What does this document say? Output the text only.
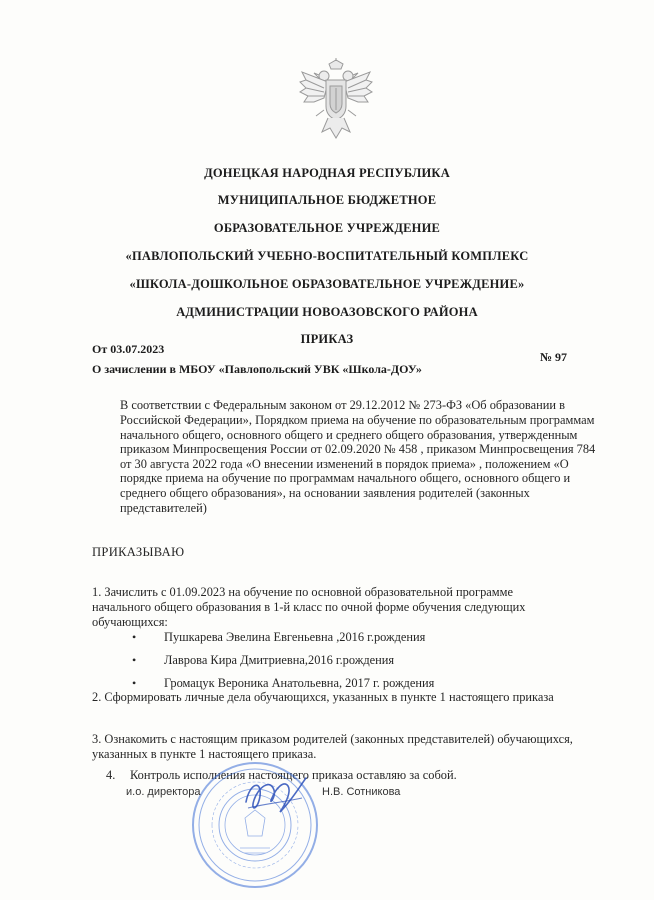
ДОНЕЦКАЯ НАРОДНАЯ РЕСПУБЛИКА

МУНИЦИПАЛЬНОЕ БЮДЖЕТНОЕ

ОБРАЗОВАТЕЛЬНОЕ УЧРЕЖДЕНИЕ

«ПАВЛОПОЛЬСКИЙ УЧЕБНО-ВОСПИТАТЕЛЬНЫЙ КОМПЛЕКС

«ШКОЛА-ДОШКОЛЬНОЕ ОБРАЗОВАТЕЛЬНОЕ УЧРЕЖДЕНИЕ»

АДМИНИСТРАЦИИ НОВОАЗОВСКОГО РАЙОНА

ПРИКАЗ

От 03.07.2023

№ 97

О зачислении в МБОУ «Павлопольский УВК «Школа-ДОУ»

В соответствии с Федеральным законом от 29.12.2012 № 273-ФЗ «Об образовании в Российской Федерации», Порядком приема на обучение по образовательным программам начального общего, основного общего и среднего общего образования, утвержденным приказом Минпросвещения России от 02.09.2020 № 458 , приказом Минпросвещения 784 от 30 августа 2022 года «О внесении изменений в порядок приема» , положением «О порядке приема на обучение по программам начального общего, основного общего и среднего общего образования», на основании заявления родителей (законных представителей)

ПРИКАЗЫВАЮ

1. Зачислить с 01.09.2023 на обучение по основной образовательной программе начального общего образования в 1-й класс по очной форме обучения следующих обучающихся:

• Пушкарева Эвелина Евгеньевна ,2016 г.рождения
• Лаврова Кира Дмитриевна,2016 г.рождения
• Громацук Вероника Анатольевна, 2017 г. рождения

2. Сформировать личные дела обучающихся, указанных в пункте 1 настоящего приказа

3. Ознакомить с настоящим приказом родителей (законных представителей) обучающихся, указанных в пункте 1 настоящего приказа.

4. Контроль исполнения настоящего приказа оставляю за собой.

и.о. директора	Н.В. Сотникова
